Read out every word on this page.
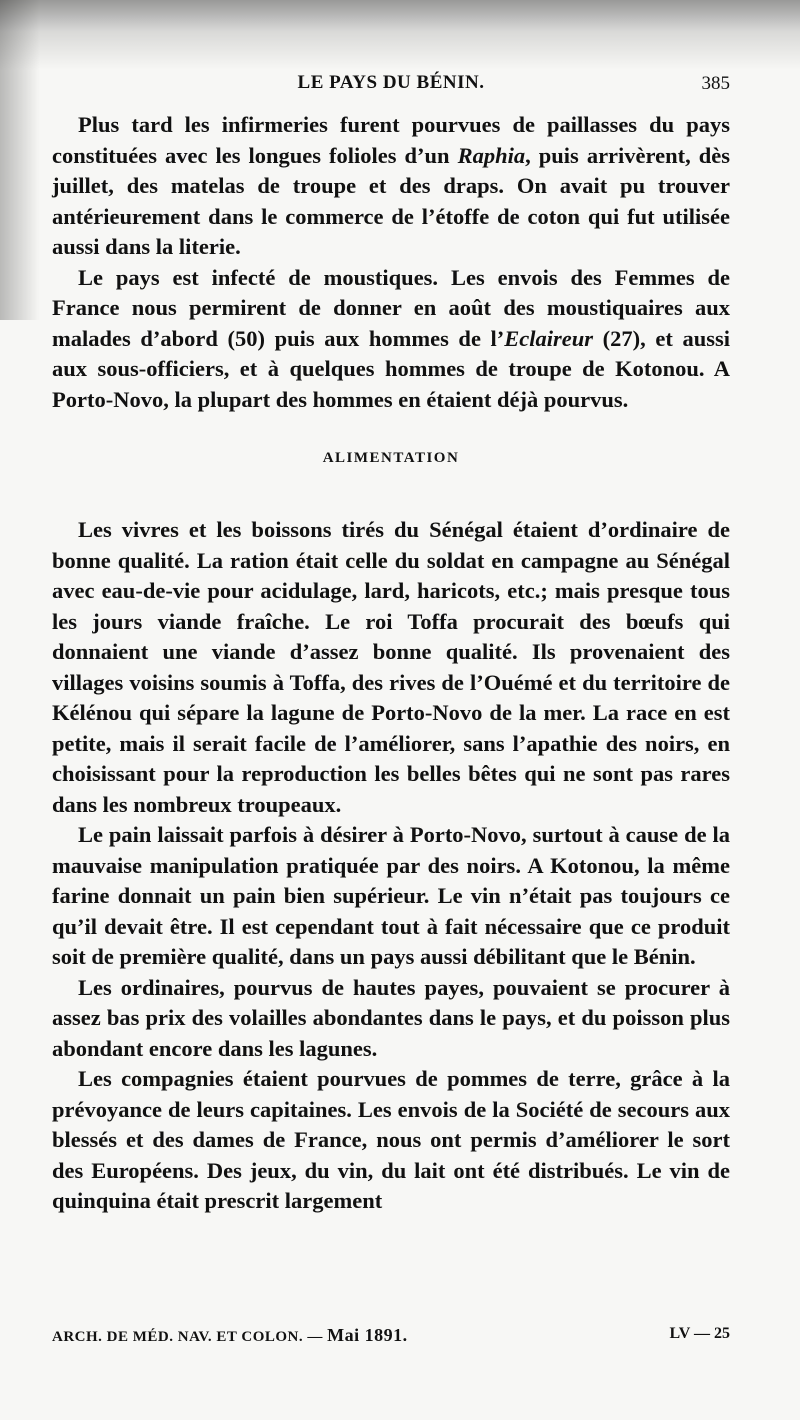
LE PAYS DU BÉNIN.	385

Plus tard les infirmeries furent pourvues de paillasses du pays constituées avec les longues folioles d’un Raphia, puis arrivèrent, dès juillet, des matelas de troupe et des draps. On avait pu trouver antérieurement dans le commerce de l’étoffe de coton qui fut utilisée aussi dans la literie.

Le pays est infecté de moustiques. Les envois des Femmes de France nous permirent de donner en août des moustiquaires aux malades d’abord (50) puis aux hommes de l’Eclaireur (27), et aussi aux sous-officiers, et à quelques hommes de troupe de Kotonou. A Porto-Novo, la plupart des hommes en étaient déjà pourvus.

ALIMENTATION

Les vivres et les boissons tirés du Sénégal étaient d’ordinaire de bonne qualité. La ration était celle du soldat en campagne au Sénégal avec eau-de-vie pour acidulage, lard, haricots, etc.; mais presque tous les jours viande fraîche. Le roi Toffa procurait des bœufs qui donnaient une viande d’assez bonne qualité. Ils provenaient des villages voisins soumis à Toffa, des rives de l’Ouémé et du territoire de Kélénou qui sépare la lagune de Porto-Novo de la mer. La race en est petite, mais il serait facile de l’améliorer, sans l’apathie des noirs, en choisissant pour la reproduction les belles bêtes qui ne sont pas rares dans les nombreux troupeaux.

Le pain laissait parfois à désirer à Porto-Novo, surtout à cause de la mauvaise manipulation pratiquée par des noirs. A Kotonou, la même farine donnait un pain bien supérieur. Le vin n’était pas toujours ce qu’il devait être. Il est cependant tout à fait nécessaire que ce produit soit de première qualité, dans un pays aussi débilitant que le Bénin.

Les ordinaires, pourvus de hautes payes, pouvaient se procurer à assez bas prix des volailles abondantes dans le pays, et du poisson plus abondant encore dans les lagunes.

Les compagnies étaient pourvues de pommes de terre, grâce à la prévoyance de leurs capitaines. Les envois de la Société de secours aux blessés et des dames de France, nous ont permis d’améliorer le sort des Européens. Des jeux, du vin, du lait ont été distribués. Le vin de quinquina était prescrit largement

ARCH. DE MÉD. NAV. ET COLON. — Mai 1891.	LV — 25
